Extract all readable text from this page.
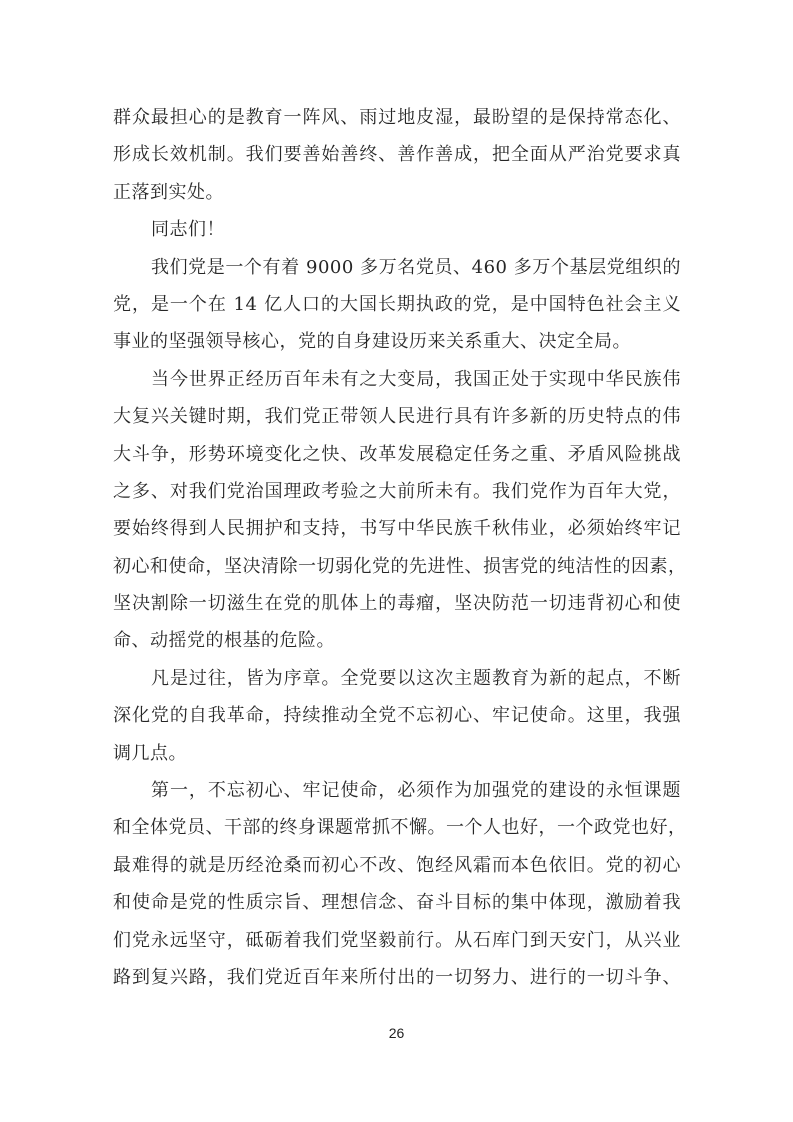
群众最担心的是教育一阵风、雨过地皮湿，最盼望的是保持常态化、
形成长效机制。我们要善始善终、善作善成，把全面从严治党要求真
正落到实处。
同志们！
我们党是一个有着 9000 多万名党员、460 多万个基层党组织的
党，是一个在 14 亿人口的大国长期执政的党，是中国特色社会主义
事业的坚强领导核心，党的自身建设历来关系重大、决定全局。
当今世界正经历百年未有之大变局，我国正处于实现中华民族伟
大复兴关键时期，我们党正带领人民进行具有许多新的历史特点的伟
大斗争，形势环境变化之快、改革发展稳定任务之重、矛盾风险挑战
之多、对我们党治国理政考验之大前所未有。我们党作为百年大党，
要始终得到人民拥护和支持，书写中华民族千秋伟业，必须始终牢记
初心和使命，坚决清除一切弱化党的先进性、损害党的纯洁性的因素，
坚决割除一切滋生在党的肌体上的毒瘤，坚决防范一切违背初心和使
命、动摇党的根基的危险。
凡是过往，皆为序章。全党要以这次主题教育为新的起点，不断
深化党的自我革命，持续推动全党不忘初心、牢记使命。这里，我强
调几点。
第一，不忘初心、牢记使命，必须作为加强党的建设的永恒课题
和全体党员、干部的终身课题常抓不懈。一个人也好，一个政党也好，
最难得的就是历经沧桑而初心不改、饱经风霜而本色依旧。党的初心
和使命是党的性质宗旨、理想信念、奋斗目标的集中体现，激励着我
们党永远坚守，砥砺着我们党坚毅前行。从石库门到天安门，从兴业
路到复兴路，我们党近百年来所付出的一切努力、进行的一切斗争、
26
